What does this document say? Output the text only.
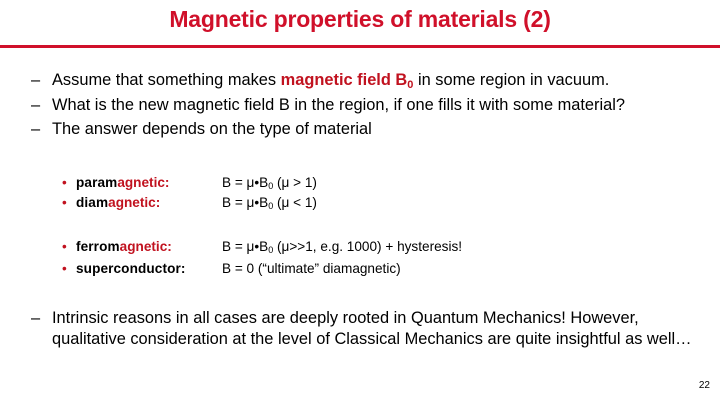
Magnetic properties of materials (2)
– Assume that something makes magnetic field $B_0$ in some region in vacuum.
– What is the new magnetic field B in the region, if one fills it with some material?
– The answer depends on the type of material
• paramagnetic:	$B = \mu•B_0$ (μ > 1)
• diamagnetic:	$B = \mu•B_0$ (μ < 1)
• ferromagnetic:	$B = \mu•B_0$ (μ>>1, e.g. 1000) + hysteresis!
• superconductor:	B = 0 (“ultimate” diamagnetic)
– Intrinsic reasons in all cases are deeply rooted in Quantum Mechanics! However, qualitative consideration at the level of Classical Mechanics are quite insightful as well…
22
